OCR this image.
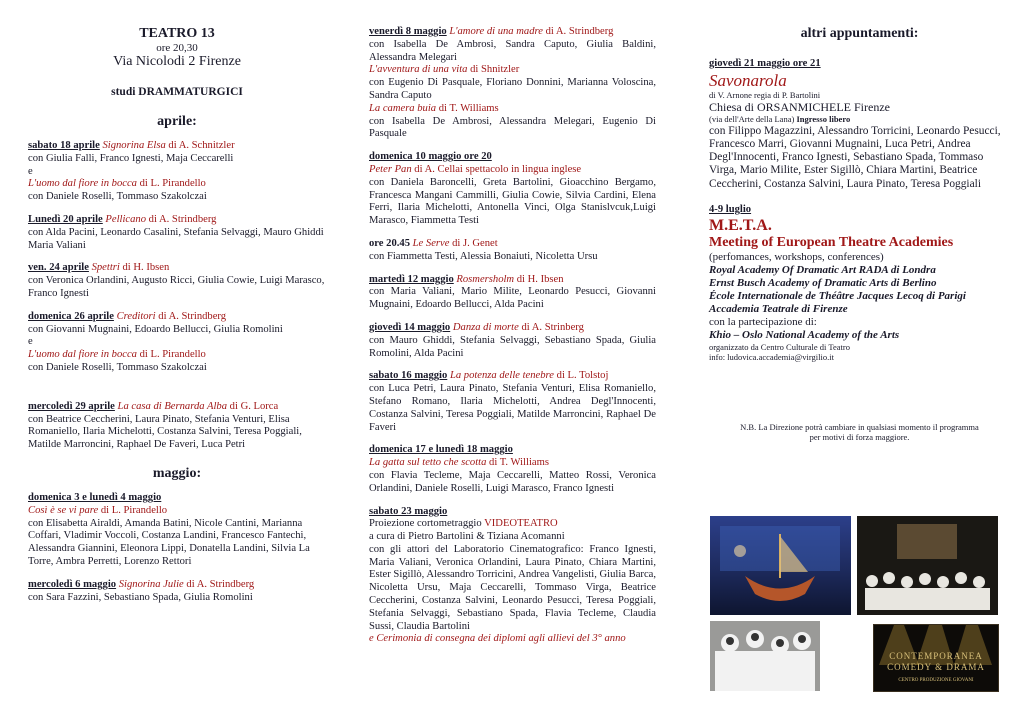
TEATRO 13
ore 20,30
Via Nicolodi 2 Firenze
studi DRAMMATURGICI
aprile:

sabato 18 aprile Signorina Elsa di A. Schnitzler

con Giulia Falli, Franco Ignesti, Maja Ceccarelli

e

L'uomo dal fiore in bocca di L. Pirandello

con Daniele Roselli, Tommaso Szakolczai

Lunedì 20 aprile Pellicano di A. Strindberg

con Alda Pacini, Leonardo Casalini, Stefania Selvaggi, Mauro Ghiddi Maria Valiani

ven. 24 aprile Spettri di H. Ibsen

con Veronica Orlandini, Augusto Ricci, Giulia Cowie, Luigi Marasco, Franco Ignesti

domenica 26 aprile Creditori di A. Strindberg

con Giovanni Mugnaini, Edoardo Bellucci, Giulia Romolini

e

L'uomo dal fiore in bocca di L. Pirandello

con Daniele Roselli, Tommaso Szakolczai

mercoledì 29 aprile La casa di Bernarda Alba di G. Lorca

con Beatrice Ceccherini, Laura Pinato, Stefania Venturi, Elisa Romaniello, Ilaria Michelotti, Costanza Salvini, Teresa Poggiali, Matilde Marroncini, Raphael De Faveri, Luca Petri

maggio:

domenica 3 e lunedì 4 maggio

Così è se vi pare di L. Pirandello

con Elisabetta Airaldi, Amanda Batini, Nicole Cantini, Marianna Coffari, Vladimir Voccoli, Costanza Landini, Francesco Fantechi, Alessandra Giannini, Eleonora Lippi, Donatella Landini, Silvia La Torre, Ambra Perretti, Lorenzo Rettori

mercoledì 6 maggio Signorina Julie di A. Strindberg

con Sara Fazzini, Sebastiano Spada, Giulia Romolini

venerdì 8 maggio L'amore di una madre di A. Strindberg

con Isabella De Ambrosi, Sandra Caputo, Giulia Baldini, Alessandra Melegari

L'avventura di una vita di Shnitzler

con Eugenio Di Pasquale, Floriano Donnini, Marianna Voloscina, Sandra Caputo

La camera buia di T. Williams

con Isabella De Ambrosi, Alessandra Melegari, Eugenio Di Pasquale

domenica 10 maggio ore 20

Peter Pan di A. Cellai spettacolo in lingua inglese

con Daniela Baroncelli, Greta Bartolini, Gioacchino Bergamo, Francesca Mangani Cammilli, Giulia Cowie, Silvia Cardini, Elena Ferri, Ilaria Michelotti, Antonella Vinci, Olga Stanislvcuk,Luigi Marasco, Fiammetta Testi

ore 20.45 Le Serve di J. Genet

con Fiammetta Testi, Alessia Bonaiuti, Nicoletta Ursu

martedì 12 maggio Rosmersholm di H. Ibsen

con Maria Valiani, Mario Milite, Leonardo Pesucci, Giovanni Mugnaini, Edoardo Bellucci, Alda Pacini

giovedì 14 maggio Danza di morte di A. Strinberg

con Mauro Ghiddi, Stefania Selvaggi, Sebastiano Spada, Giulia Romolini, Alda Pacini

sabato 16 maggio La potenza delle tenebre di L. Tolstoj

con Luca Petri, Laura Pinato, Stefania Venturi, Elisa Romaniello, Stefano Romano, Ilaria Michelotti, Andrea Degl'Innocenti, Costanza Salvini, Teresa Poggiali, Matilde Marroncini, Raphael De Faveri

domenica 17 e lunedì 18 maggio

La gatta sul tetto che scotta di T. Williams

con Flavia Tecleme, Maja Ceccarelli, Matteo Rossi, Veronica Orlandini, Daniele Roselli, Luigi Marasco, Franco Ignesti

sabato 23 maggio

Proiezione cortometraggio VIDEOTEATRO

a cura di Pietro Bartolini & Tiziana Acomanni

con gli attori del Laboratorio Cinematografico: Franco Ignesti, Maria Valiani, Veronica Orlandini, Laura Pinato, Chiara Martini, Ester Sigillò, Alessandro Torricini, Andrea Vangelisti, Giulia Barca, Nicoletta Ursu, Maja Ceccarelli, Tommaso Virga, Beatrice Ceccherini, Costanza Salvini, Leonardo Pesucci, Teresa Poggiali, Stefania Selvaggi, Sebastiano Spada, Flavia Tecleme, Claudia Sussi, Claudia Bartolini

e Cerimonia di consegna dei diplomi agli allievi del 3° anno

altri appuntamenti:

giovedì 21 maggio ore 21

Savonarola

di V. Arnone regia di P. Bartolini

Chiesa di ORSANMICHELE Firenze

(via dell'Arte della Lana) Ingresso libero

con Filippo Magazzini, Alessandro Torricini, Leonardo Pesucci, Francesco Marri, Giovanni Mugnaini, Luca Petri, Andrea Degl'Innocenti, Franco Ignesti, Sebastiano Spada, Tommaso Virga, Mario Milite, Ester Sigillò, Chiara Martini, Beatrice Ceccherini, Costanza Salvini, Laura Pinato, Teresa Poggiali

4-9 luglio

M.E.T.A.

Meeting of European Theatre Academies

(perfomances, workshops, conferences)

Royal Academy Of Dramatic Art RADA di Londra

Ernst Busch Academy of Dramatic Arts di Berlino

École Internationale de Théâtre Jacques Lecoq di Parigi

Accademia Teatrale di Firenze

con la partecipazione di:

Khio – Oslo National Academy of the Arts

organizzato da Centro Culturale di Teatro

info: ludovica.accademia@virgilio.it

N.B. La Direzione potrà cambiare in qualsiasi momento il programma per motivi di forza maggiore.
CONTEMPORANEA
COMEDY & DRAMA
CENTRO PRODUZIONE GIOVANI
